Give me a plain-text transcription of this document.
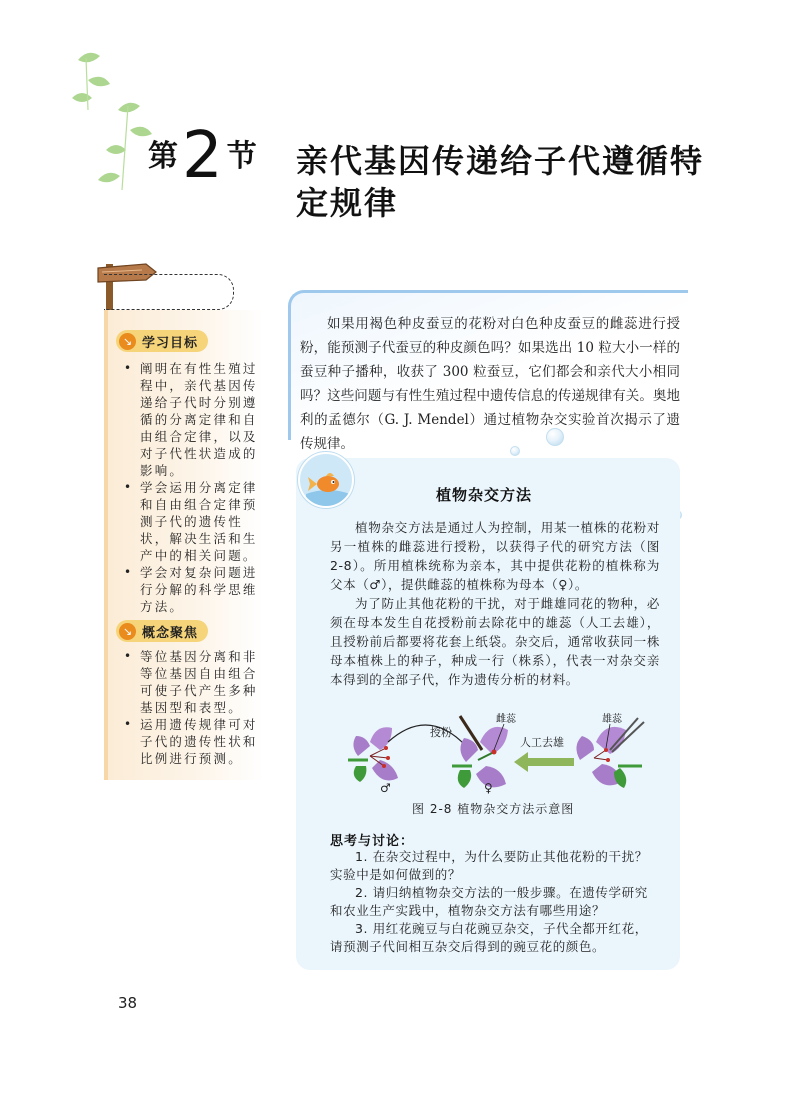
第 2 节 亲代基因传递给子代遵循特定规律
↘ 学习目标
• 阐明在有性生殖过程中，亲代基因传递给子代时分别遵循的分离定律和自由组合定律，以及对子代性状造成的影响。
• 学会运用分离定律和自由组合定律预测子代的遗传性状，解决生活和生产中的相关问题。
• 学会对复杂问题进行分解的科学思维方法。
↘ 概念聚焦
• 等位基因分离和非等位基因自由组合可使子代产生多种基因型和表型。
• 运用遗传规律可对子代的遗传性状和比例进行预测。

如果用褐色种皮蚕豆的花粉对白色种皮蚕豆的雌蕊进行授粉，能预测子代蚕豆的种皮颜色吗？如果选出 10 粒大小一样的蚕豆种子播种，收获了 300 粒蚕豆，它们都会和亲代大小相同吗？这些问题与有性生殖过程中遗传信息的传递规律有关。奥地利的孟德尔（G. J. Mendel）通过植物杂交实验首次揭示了遗传规律。

植物杂交方法

植物杂交方法是通过人为控制，用某一植株的花粉对另一植株的雌蕊进行授粉，以获得子代的研究方法（图 2-8）。所用植株统称为亲本，其中提供花粉的植株称为父本（♂），提供雌蕊的植株称为母本（♀）。

为了防止其他花粉的干扰，对于雌雄同花的物种，必须在母本发生自花授粉前去除花中的雄蕊（人工去雄），且授粉前后都要将花套上纸袋。杂交后，通常收获同一株母本植株上的种子，种成一行（株系），代表一对杂交亲本得到的全部子代，作为遗传分析的材料。

授粉
雌蕊
人工去雄
雄蕊
♂	♀
图 2-8 植物杂交方法示意图
思考与讨论：

1. 在杂交过程中，为什么要防止其他花粉的干扰？实验中是如何做到的？

2. 请归纳植物杂交方法的一般步骤。在遗传学研究和农业生产实践中，植物杂交方法有哪些用途？

3. 用红花豌豆与白花豌豆杂交，子代全都开红花，请预测子代间相互杂交后得到的豌豆花的颜色。

38
